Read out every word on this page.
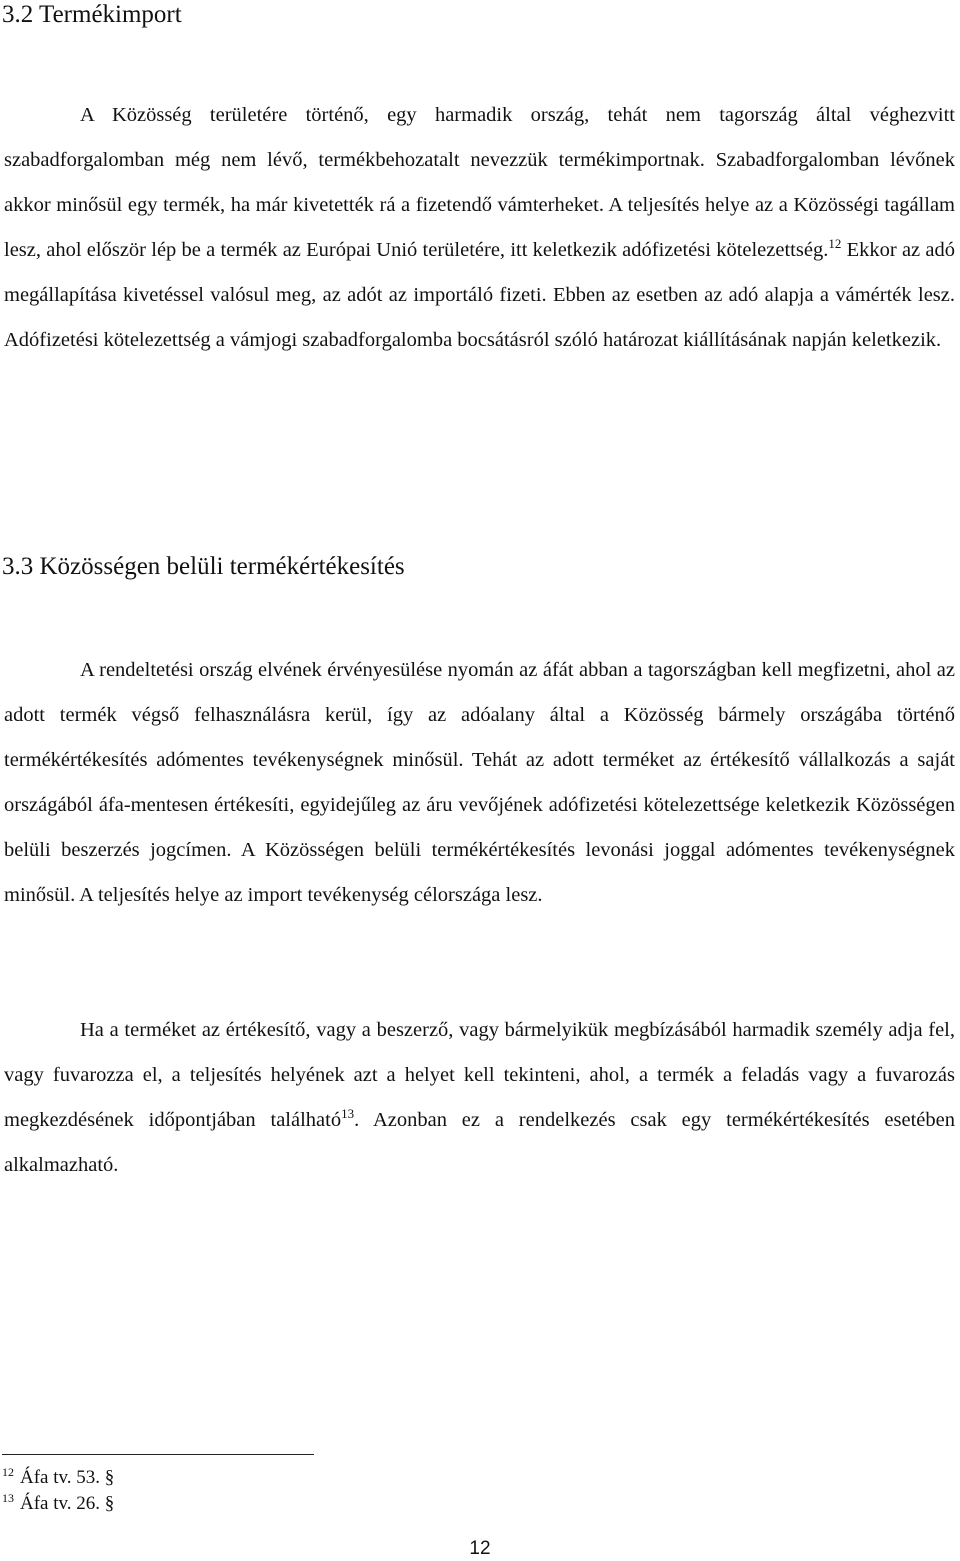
3.2 Termékimport

A Közösség területére történő, egy harmadik ország, tehát nem tagország által véghezvitt szabadforgalomban még nem lévő, termékbehozatalt nevezzük termékimportnak. Szabadforgalomban lévőnek akkor minősül egy termék, ha már kivetették rá a fizetendő vámterheket. A teljesítés helye az a Közösségi tagállam lesz, ahol először lép be a termék az Európai Unió területére, itt keletkezik adófizetési kötelezettség.$^{12}$ Ekkor az adó megállapítása kivetéssel valósul meg, az adót az importáló fizeti. Ebben az esetben az adó alapja a vámérték lesz. Adófizetési kötelezettség a vámjogi szabadforgalomba bocsátásról szóló határozat kiállításának napján keletkezik.

3.3 Közösségen belüli termékértékesítés

A rendeltetési ország elvének érvényesülése nyomán az áfát abban a tagországban kell megfizetni, ahol az adott termék végső felhasználásra kerül, így az adóalany által a Közösség bármely országába történő termékértékesítés adómentes tevékenységnek minősül. Tehát az adott terméket az értékesítő vállalkozás a saját országából áfa-mentesen értékesíti, egyidejűleg az áru vevőjének adófizetési kötelezettsége keletkezik Közösségen belüli beszerzés jogcímen. A Közösségen belüli termékértékesítés levonási joggal adómentes tevékenységnek minősül. A teljesítés helye az import tevékenység célországa lesz.

Ha a terméket az értékesítő, vagy a beszerző, vagy bármelyikük megbízásából harmadik személy adja fel, vagy fuvarozza el, a teljesítés helyének azt a helyet kell tekinteni, ahol, a termék a feladás vagy a fuvarozás megkezdésének időpontjában található$^{13}$. Azonban ez a rendelkezés csak egy termékértékesítés esetében alkalmazható.

$^{12}$ Áfa tv. 53. §
$^{13}$ Áfa tv. 26. §
12
